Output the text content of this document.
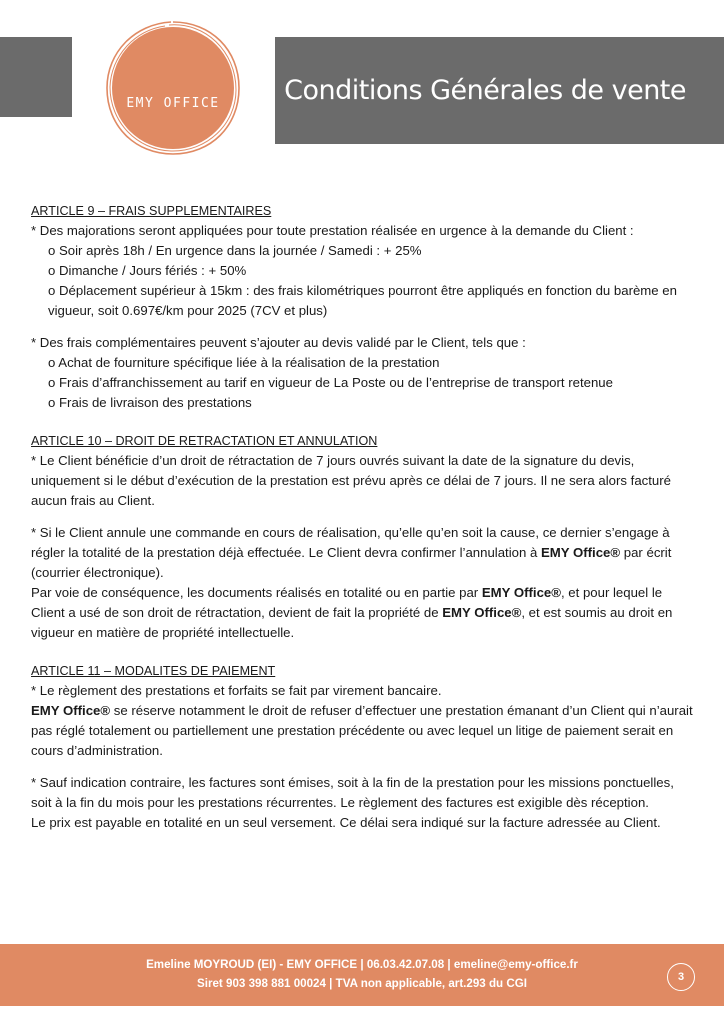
Conditions Générales de vente
EMY OFFICE
ARTICLE 9 – FRAIS SUPPLEMENTAIRES

* Des majorations seront appliquées pour toute prestation réalisée en urgence à la demande du Client :

o Soir après 18h / En urgence dans la journée / Samedi : + 25%

o Dimanche / Jours fériés : + 50%

o Déplacement supérieur à 15km : des frais kilométriques pourront être appliqués en fonction du barème en vigueur, soit 0.697€/km pour 2025 (7CV et plus)

* Des frais complémentaires peuvent s’ajouter au devis validé par le Client, tels que :

o Achat de fourniture spécifique liée à la réalisation de la prestation

o Frais d’affranchissement au tarif en vigueur de La Poste ou de l’entreprise de transport retenue

o Frais de livraison des prestations

ARTICLE 10 – DROIT DE RETRACTATION ET ANNULATION

* Le Client bénéficie d’un droit de rétractation de 7 jours ouvrés suivant la date de la signature du devis, uniquement si le début d’exécution de la prestation est prévu après ce délai de 7 jours. Il ne sera alors facturé aucun frais au Client.

* Si le Client annule une commande en cours de réalisation, qu’elle qu’en soit la cause, ce dernier s’engage à régler la totalité de la prestation déjà effectuée. Le Client devra confirmer l’annulation à EMY Office® par écrit (courrier électronique).

Par voie de conséquence, les documents réalisés en totalité ou en partie par EMY Office®, et pour lequel le Client a usé de son droit de rétractation, devient de fait la propriété de EMY Office®, et est soumis au droit en vigueur en matière de propriété intellectuelle.

ARTICLE 11 – MODALITES DE PAIEMENT

* Le règlement des prestations et forfaits se fait par virement bancaire.

EMY Office® se réserve notamment le droit de refuser d’effectuer une prestation émanant d’un Client qui n’aurait pas réglé totalement ou partiellement une prestation précédente ou avec lequel un litige de paiement serait en cours d’administration.

* Sauf indication contraire, les factures sont émises, soit à la fin de la prestation pour les missions ponctuelles, soit à la fin du mois pour les prestations récurrentes. Le règlement des factures est exigible dès réception.

Le prix est payable en totalité en un seul versement. Ce délai sera indiqué sur la facture adressée au Client.

Emeline MOYROUD (EI) - EMY OFFICE | 06.03.42.07.08 | emeline@emy-office.fr
Siret 903 398 881 00024 | TVA non applicable, art.293 du CGI	3
